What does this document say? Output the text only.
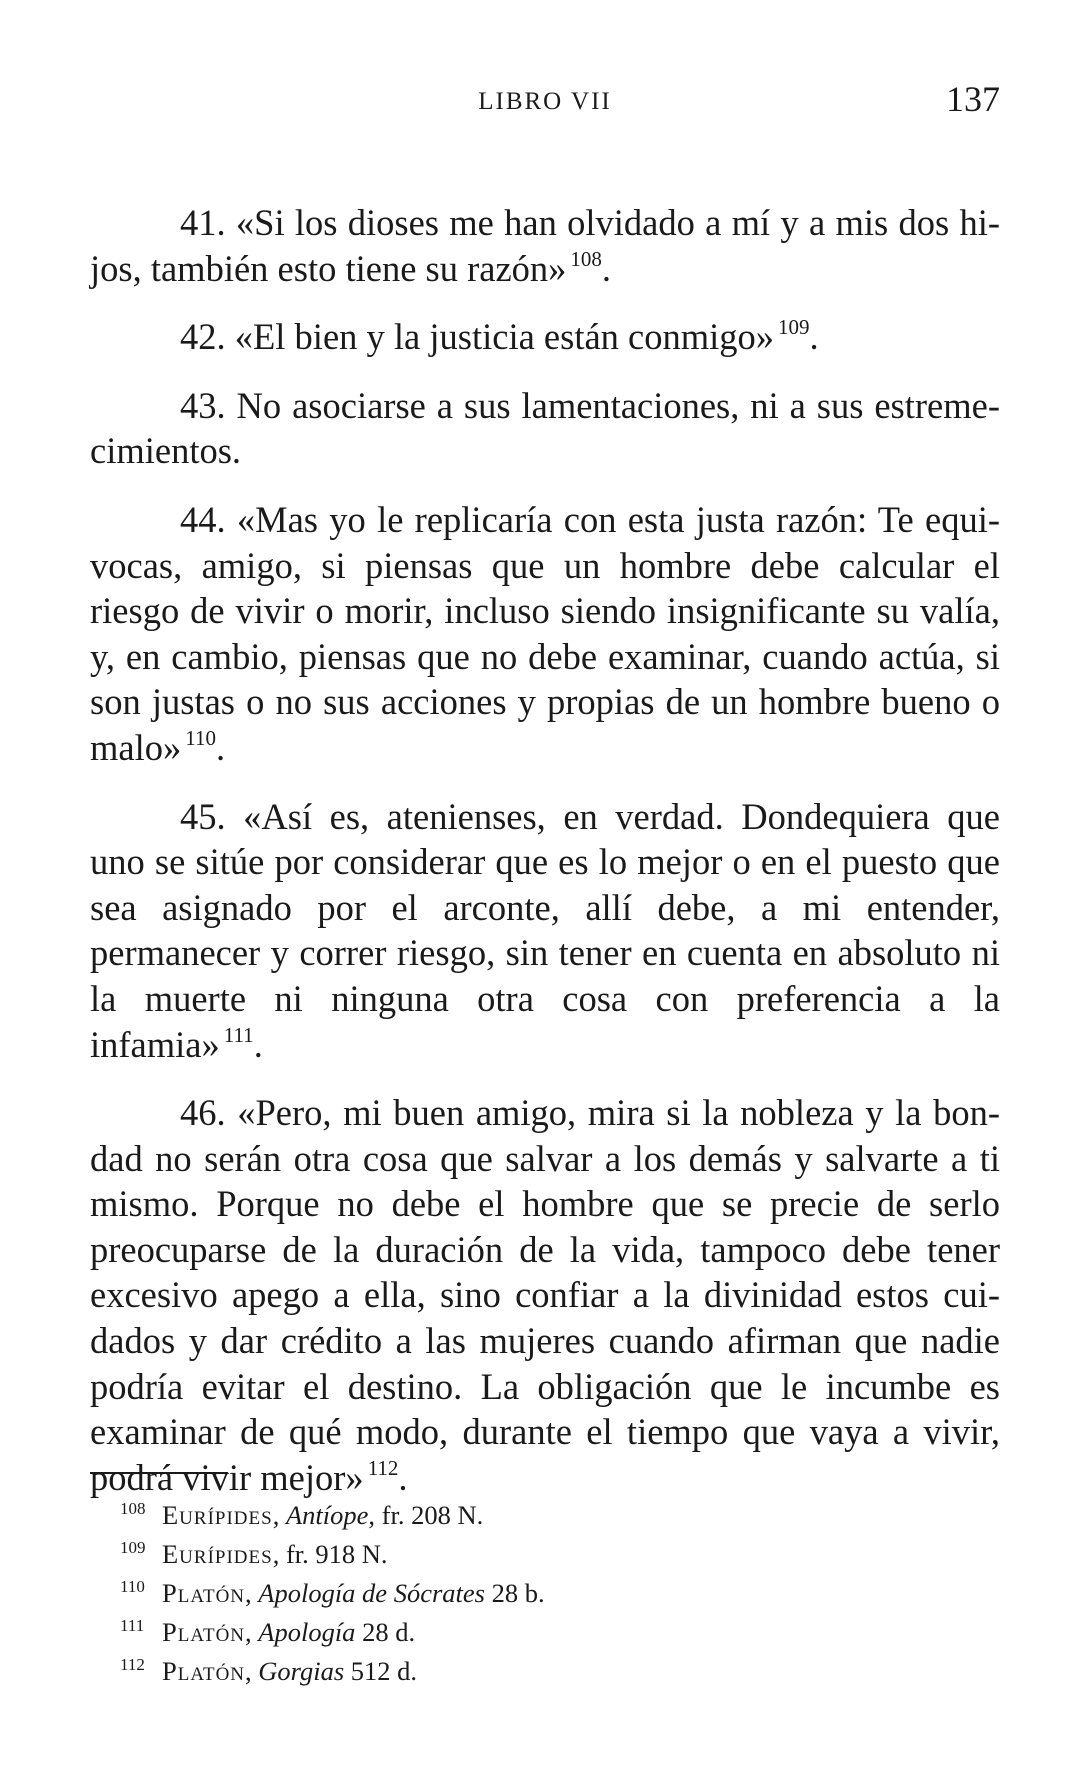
LIBRO VII	137

41. «Si los dioses me han olvidado a mí y a mis dos hijos, también esto tiene su razón» $^{108}$.

42. «El bien y la justicia están conmigo» $^{109}$.

43. No asociarse a sus lamentaciones, ni a sus estremecimientos.

44. «Mas yo le replicaría con esta justa razón: Te equivocas, amigo, si piensas que un hombre debe calcular el riesgo de vivir o morir, incluso siendo insignificante su valía, y, en cambio, piensas que no debe examinar, cuando actúa, si son justas o no sus acciones y propias de un hombre bueno o malo» $^{110}$.

45. «Así es, atenienses, en verdad. Dondequiera que uno se sitúe por considerar que es lo mejor o en el puesto que sea asignado por el arconte, allí debe, a mi entender, permanecer y correr riesgo, sin tener en cuenta en absoluto ni la muerte ni ninguna otra cosa con preferencia a la infamia» $^{111}$.

46. «Pero, mi buen amigo, mira si la nobleza y la bondad no serán otra cosa que salvar a los demás y salvarte a ti mismo. Porque no debe el hombre que se precie de serlo preocuparse de la duración de la vida, tampoco debe tener excesivo apego a ella, sino confiar a la divinidad estos cuidados y dar crédito a las mujeres cuando afirman que nadie podría evitar el destino. La obligación que le incumbe es examinar de qué modo, durante el tiempo que vaya a vivir, podrá vivir mejor» $^{112}$.

$^{108}$ Eurípides, Antíope, fr. 208 N.

$^{109}$ Eurípides, fr. 918 N.

$^{110}$ Platón, Apología de Sócrates 28 b.

$^{111}$ Platón, Apología 28 d.

$^{112}$ Platón, Gorgias 512 d.
